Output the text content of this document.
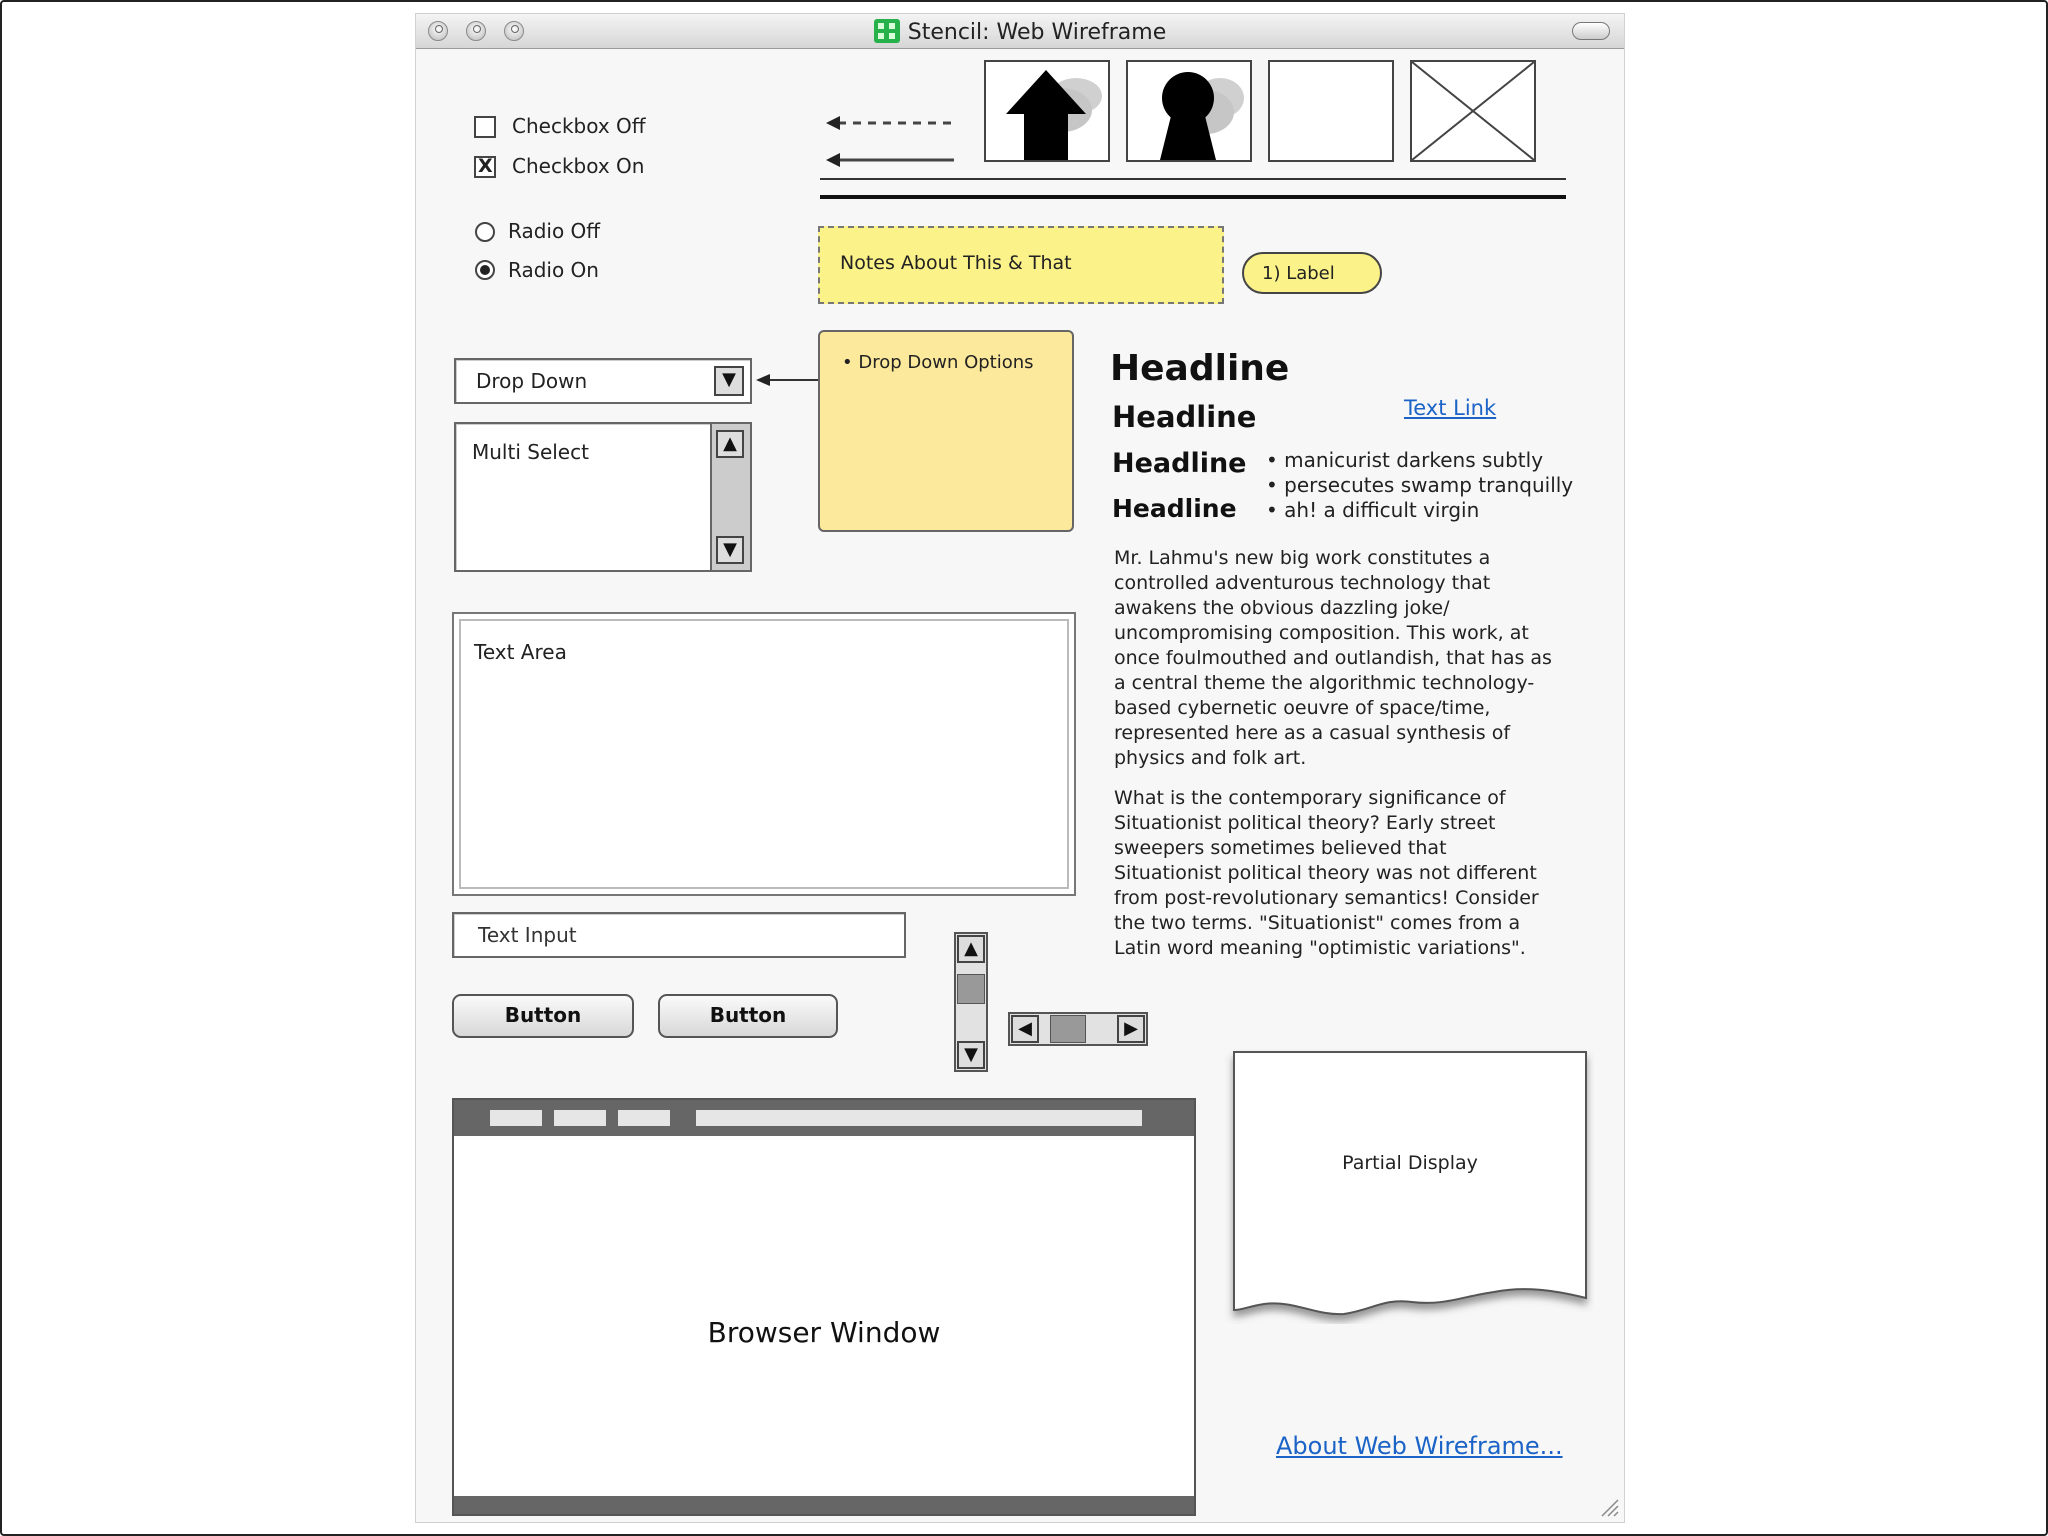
Stencil: Web Wireframe
Checkbox Off
X
Checkbox On
Radio Off
Radio On	Notes About This & That	1) Label
Drop Down	▼
Multi Select	▲
▼
• Drop Down Options Headline
Headline
Headline
Headline
Text Link
• manicurist darkens subtly
• persecutes swamp tranquilly
• ah! a difficult virgin
Mr. Lahmu's new big work constitutes a controlled adventurous technology that awakens the obvious dazzling joke/ uncompromising composition. This work, at once foulmouthed and outlandish, that has as a central theme the algorithmic technology-based cybernetic oeuvre of space/time, represented here as a casual synthesis of physics and folk art.
What is the contemporary significance of Situationist political theory? Early street sweepers sometimes believed that Situationist political theory was not different from post-revolutionary semantics! Consider the two terms. "Situationist" comes from a Latin word meaning "optimistic variations".
Text Area
Text Input
Button	Button
▲
▼
◀	▶
Browser Window
Partial Display
About Web Wireframe...
